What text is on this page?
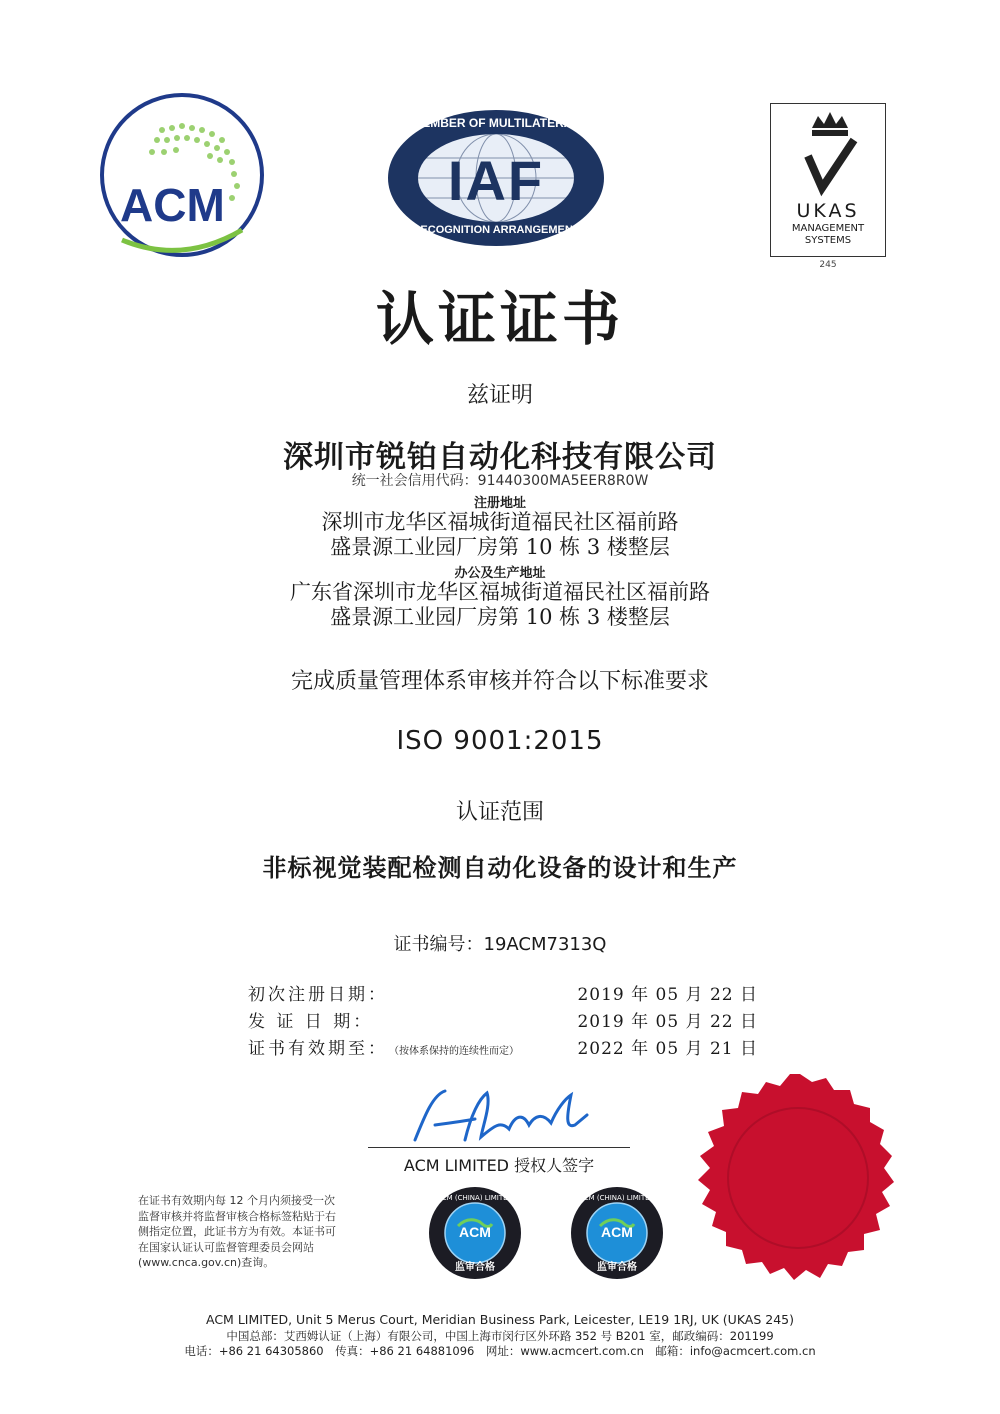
ACM	IAF
MEMBER OF MULTILATERAL
RECOGNITION ARRANGEMENT
UKAS
MANAGEMENT
SYSTEMS
245
认证证书
兹证明
深圳市锐铂自动化科技有限公司
统一社会信用代码：91440300MA5EER8R0W
注册地址
深圳市龙华区福城街道福民社区福前路
盛景源工业园厂房第 10 栋 3 楼整层
办公及生产地址
广东省深圳市龙华区福城街道福民社区福前路
盛景源工业园厂房第 10 栋 3 楼整层
完成质量管理体系审核并符合以下标准要求
ISO 9001:2015
认证范围
非标视觉装配检测自动化设备的设计和生产
证书编号：19ACM7313Q
初次注册日期：	2019 年 05 月 22 日
发 证 日 期：	2019 年 05 月 22 日
证书有效期至： （按体系保持的连续性而定）	2022 年 05 月 21 日
ACM LIMITED 授权人签字
在证书有效期内每 12 个月内须接受一次
监督审核并将监督审核合格标签粘贴于右
侧指定位置，此证书方为有效。本证书可
在国家认证认可监督管理委员会网站
(www.cnca.gov.cn)查询。
ACM (CHINA) LIMITED
ACM
监审合格
ACM (CHINA) LIMITED
ACM
监审合格
ACM LIMITED, Unit 5 Merus Court, Meridian Business Park, Leicester, LE19 1RJ, UK (UKAS 245)
中国总部：艾西姆认证（上海）有限公司，中国上海市闵行区外环路 352 号 B201 室，邮政编码：201199
电话：+86 21 64305860　传真：+86 21 64881096　网址：www.acmcert.com.cn　邮箱：info@acmcert.com.cn
